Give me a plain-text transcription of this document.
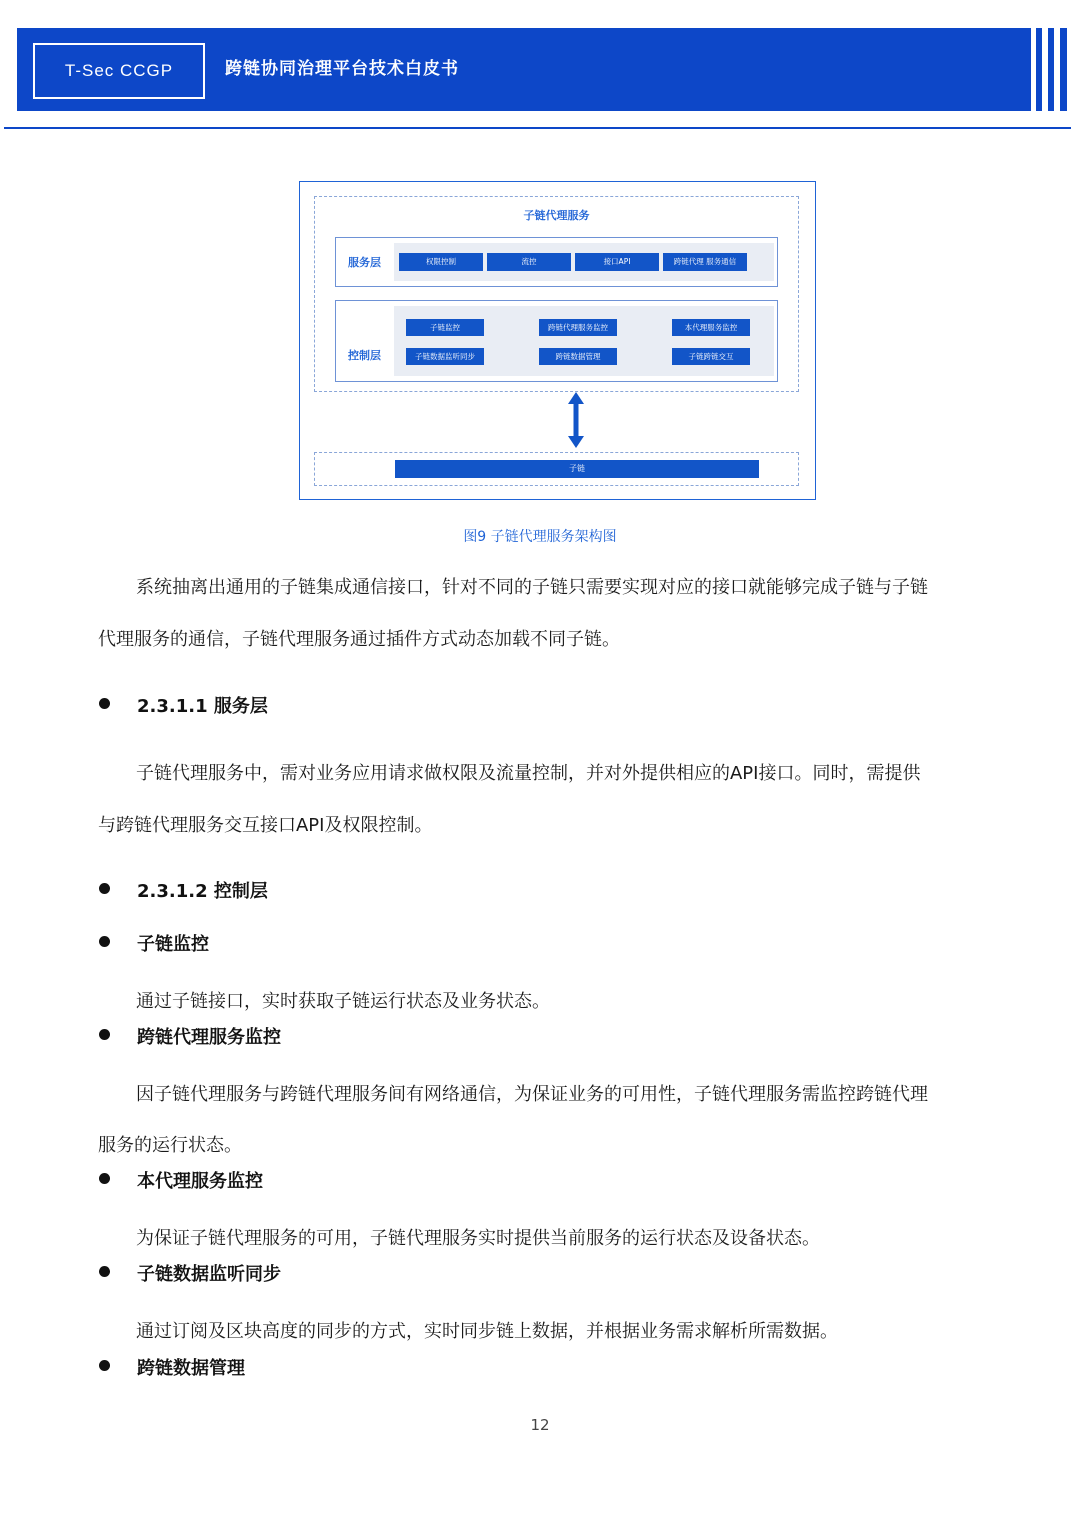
T-Sec CCGP	跨链协同治理平台技术白皮书
子链代理服务
服务层	权限控制	流控	接口API	跨链代理 服务通信
控制层
子链监控	跨链代理服务监控	本代理服务监控
子链数据监听同步	跨链数据管理	子链跨链交互
子链
图9 子链代理服务架构图
系统抽离出通用的子链集成通信接口，针对不同的子链只需要实现对应的接口就能够完成子链与子链
代理服务的通信，子链代理服务通过插件方式动态加载不同子链。
2.3.1.1 服务层
子链代理服务中，需对业务应用请求做权限及流量控制，并对外提供相应的API接口。同时，需提供
与跨链代理服务交互接口API及权限控制。
2.3.1.2 控制层
子链监控
通过子链接口，实时获取子链运行状态及业务状态。
跨链代理服务监控
因子链代理服务与跨链代理服务间有网络通信，为保证业务的可用性，子链代理服务需监控跨链代理
服务的运行状态。
本代理服务监控
为保证子链代理服务的可用，子链代理服务实时提供当前服务的运行状态及设备状态。
子链数据监听同步
通过订阅及区块高度的同步的方式，实时同步链上数据，并根据业务需求解析所需数据。
跨链数据管理
12
